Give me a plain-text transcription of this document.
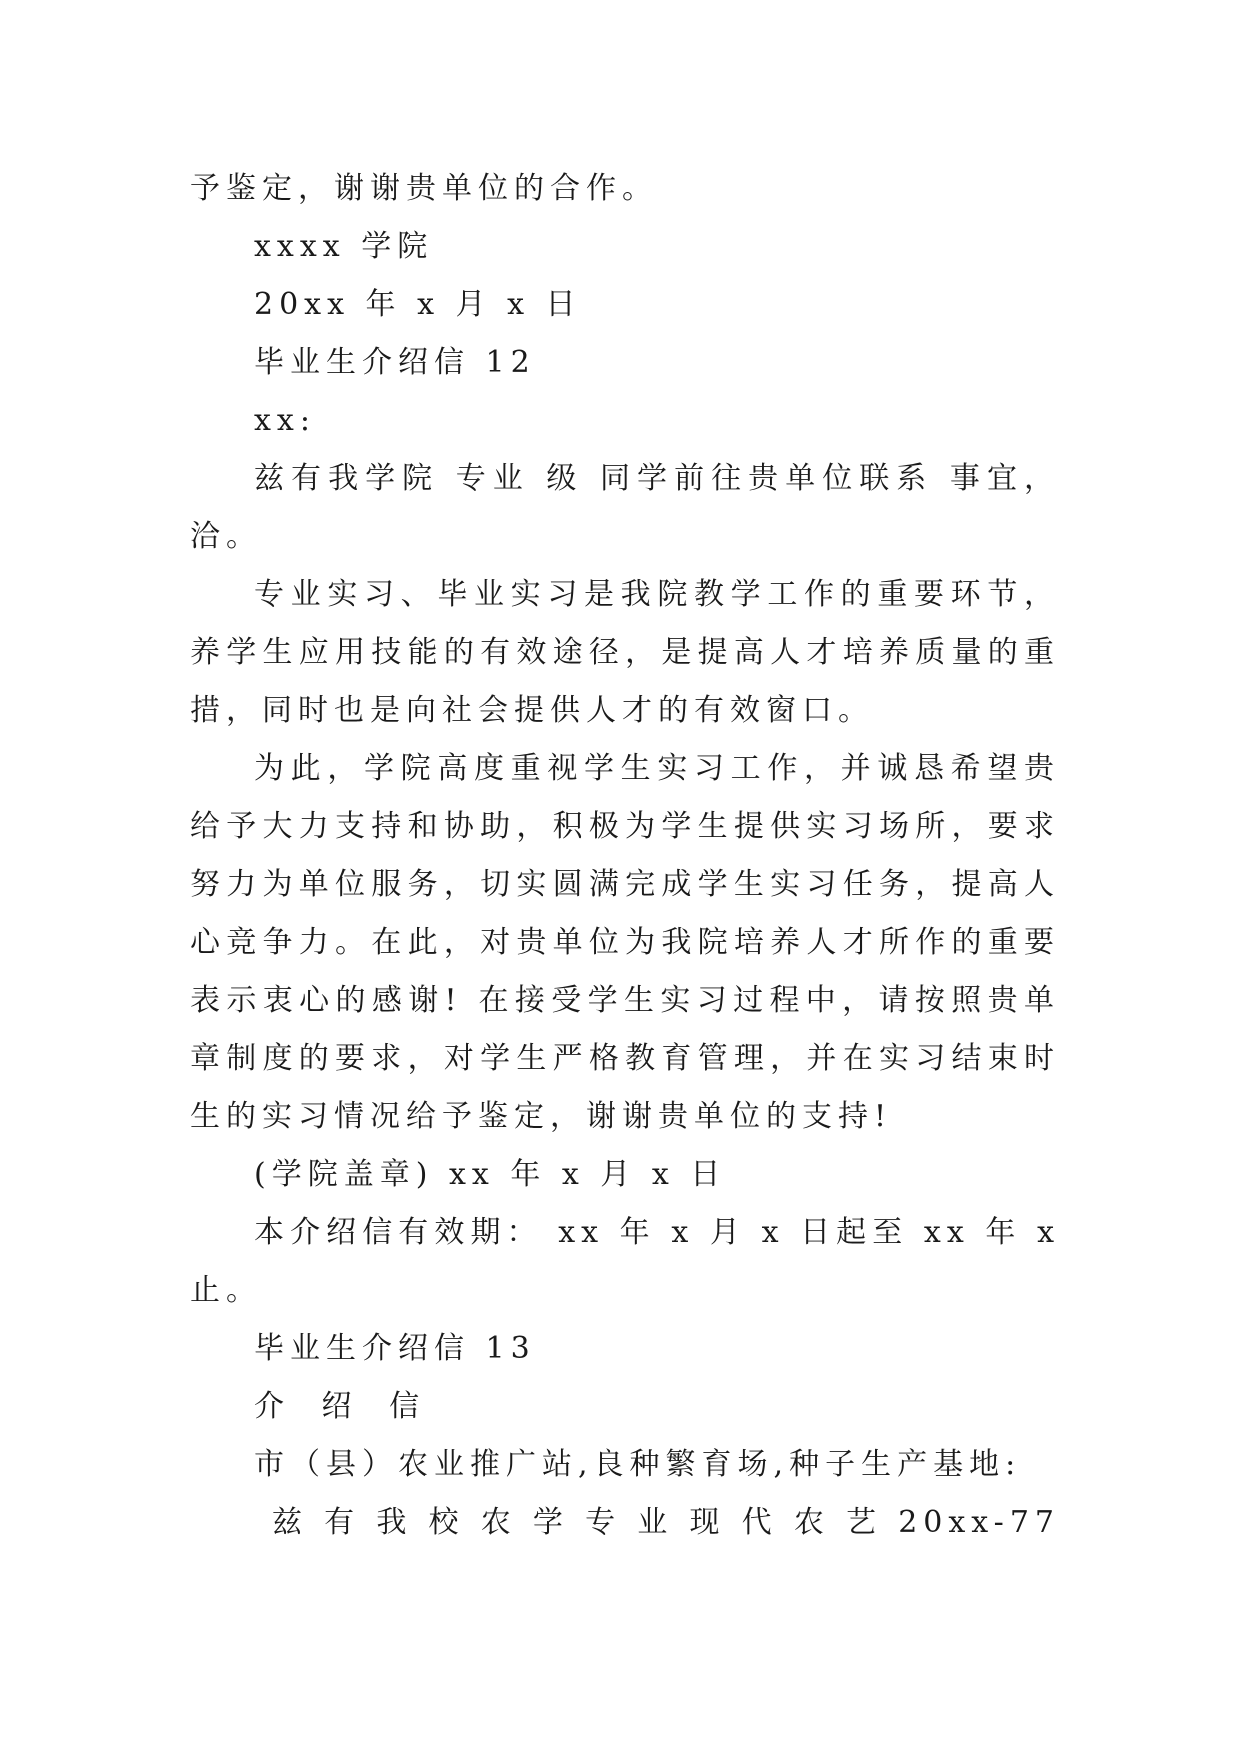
予鉴定，谢谢贵单位的合作。
xxxx 学院
20xx 年 x 月 x 日
毕业生介绍信 12
xx:
兹有我学院 专业 级 同学前往贵单位联系 事宜，
洽。
专业实习、毕业实习是我院教学工作的重要环节，
养学生应用技能的有效途径，是提高人才培养质量的重
措，同时也是向社会提供人才的有效窗口。
为此，学院高度重视学生实习工作，并诚恳希望贵
给予大力支持和协助，积极为学生提供实习场所，要求
努力为单位服务，切实圆满完成学生实习任务，提高人
心竞争力。在此，对贵单位为我院培养人才所作的重要
表示衷心的感谢! 在接受学生实习过程中，请按照贵单
章制度的要求，对学生严格教育管理，并在实习结束时
生的实习情况给予鉴定，谢谢贵单位的支持!
(学院盖章) xx 年 x 月 x 日
本介绍信有效期： xx 年 x 月 x 日起至 xx 年 x
止。
毕业生介绍信 13
介 绍 信
市（县）农业推广站,良种繁育场,种子生产基地:
兹 有 我 校 农 学 专 业 现 代 农 艺 20xx-77
